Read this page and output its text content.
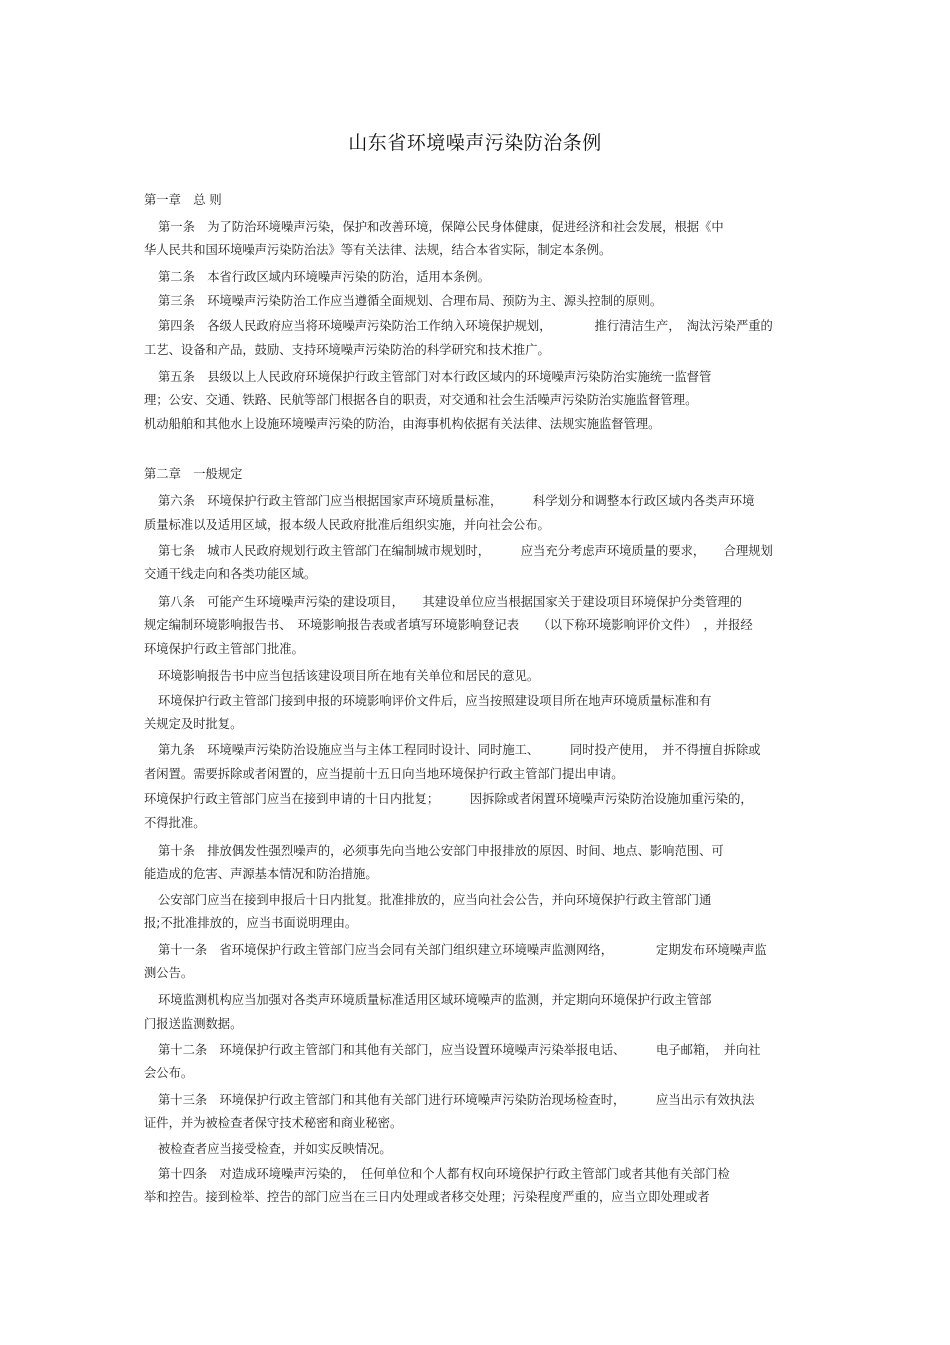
山东省环境噪声污染防治条例
第一章　总 则
第一条　为了防治环境噪声污染，保护和改善环境，保障公民身体健康，促进经济和社会发展，根据《中
华人民共和国环境噪声污染防治法》等有关法律、法规，结合本省实际，制定本条例。
第二条　本省行政区域内环境噪声污染的防治，适用本条例。
第三条　环境噪声污染防治工作应当遵循全面规划、合理布局、预防为主、源头控制的原则。
第四条　各级人民政府应当将环境噪声污染防治工作纳入环境保护规划，　　　　推行清洁生产，　淘汰污染严重的
工艺、设备和产品，鼓励、支持环境噪声污染防治的科学研究和技术推广。
第五条　县级以上人民政府环境保护行政主管部门对本行政区域内的环境噪声污染防治实施统一监督管
理；公安、交通、铁路、民航等部门根据各自的职责，对交通和社会生活噪声污染防治实施监督管理。
机动船舶和其他水上设施环境噪声污染的防治，由海事机构依据有关法律、法规实施监督管理。
第二章　一般规定
第六条　环境保护行政主管部门应当根据国家声环境质量标准，　　　科学划分和调整本行政区域内各类声环境
质量标准以及适用区域，报本级人民政府批准后组织实施，并向社会公布。
第七条　城市人民政府规划行政主管部门在编制城市规划时，　　　应当充分考虑声环境质量的要求，　　合理规划
交通干线走向和各类功能区域。
第八条　可能产生环境噪声污染的建设项目，　　其建设单位应当根据国家关于建设项目环境保护分类管理的
规定编制环境影响报告书、　环境影响报告表或者填写环境影响登记表　　（以下称环境影响评价文件）　，并报经
环境保护行政主管部门批准。
环境影响报告书中应当包括该建设项目所在地有关单位和居民的意见。
环境保护行政主管部门接到申报的环境影响评价文件后，应当按照建设项目所在地声环境质量标准和有
关规定及时批复。
第九条　环境噪声污染防治设施应当与主体工程同时设计、同时施工、　　　同时投产使用，　并不得擅自拆除或
者闲置。需要拆除或者闲置的，应当提前十五日向当地环境保护行政主管部门提出申请。
环境保护行政主管部门应当在接到申请的十日内批复；　　　因拆除或者闲置环境噪声污染防治设施加重污染的，
不得批准。
第十条　排放偶发性强烈噪声的，必须事先向当地公安部门申报排放的原因、时间、地点、影响范围、可
能造成的危害、声源基本情况和防治措施。
公安部门应当在接到申报后十日内批复。批准排放的，应当向社会公告，并向环境保护行政主管部门通
报;不批准排放的，应当书面说明理由。
第十一条　省环境保护行政主管部门应当会同有关部门组织建立环境噪声监测网络，　　　　定期发布环境噪声监
测公告。
环境监测机构应当加强对各类声环境质量标准适用区域环境噪声的监测，并定期向环境保护行政主管部
门报送监测数据。
第十二条　环境保护行政主管部门和其他有关部门，应当设置环境噪声污染举报电话、　　　电子邮箱，　并向社
会公布。
第十三条　环境保护行政主管部门和其他有关部门进行环境噪声污染防治现场检查时，　　　应当出示有效执法
证件，并为被检查者保守技术秘密和商业秘密。
被检查者应当接受检查，并如实反映情况。
第十四条　对造成环境噪声污染的，　任何单位和个人都有权向环境保护行政主管部门或者其他有关部门检
举和控告。接到检举、控告的部门应当在三日内处理或者移交处理；污染程度严重的，应当立即处理或者
